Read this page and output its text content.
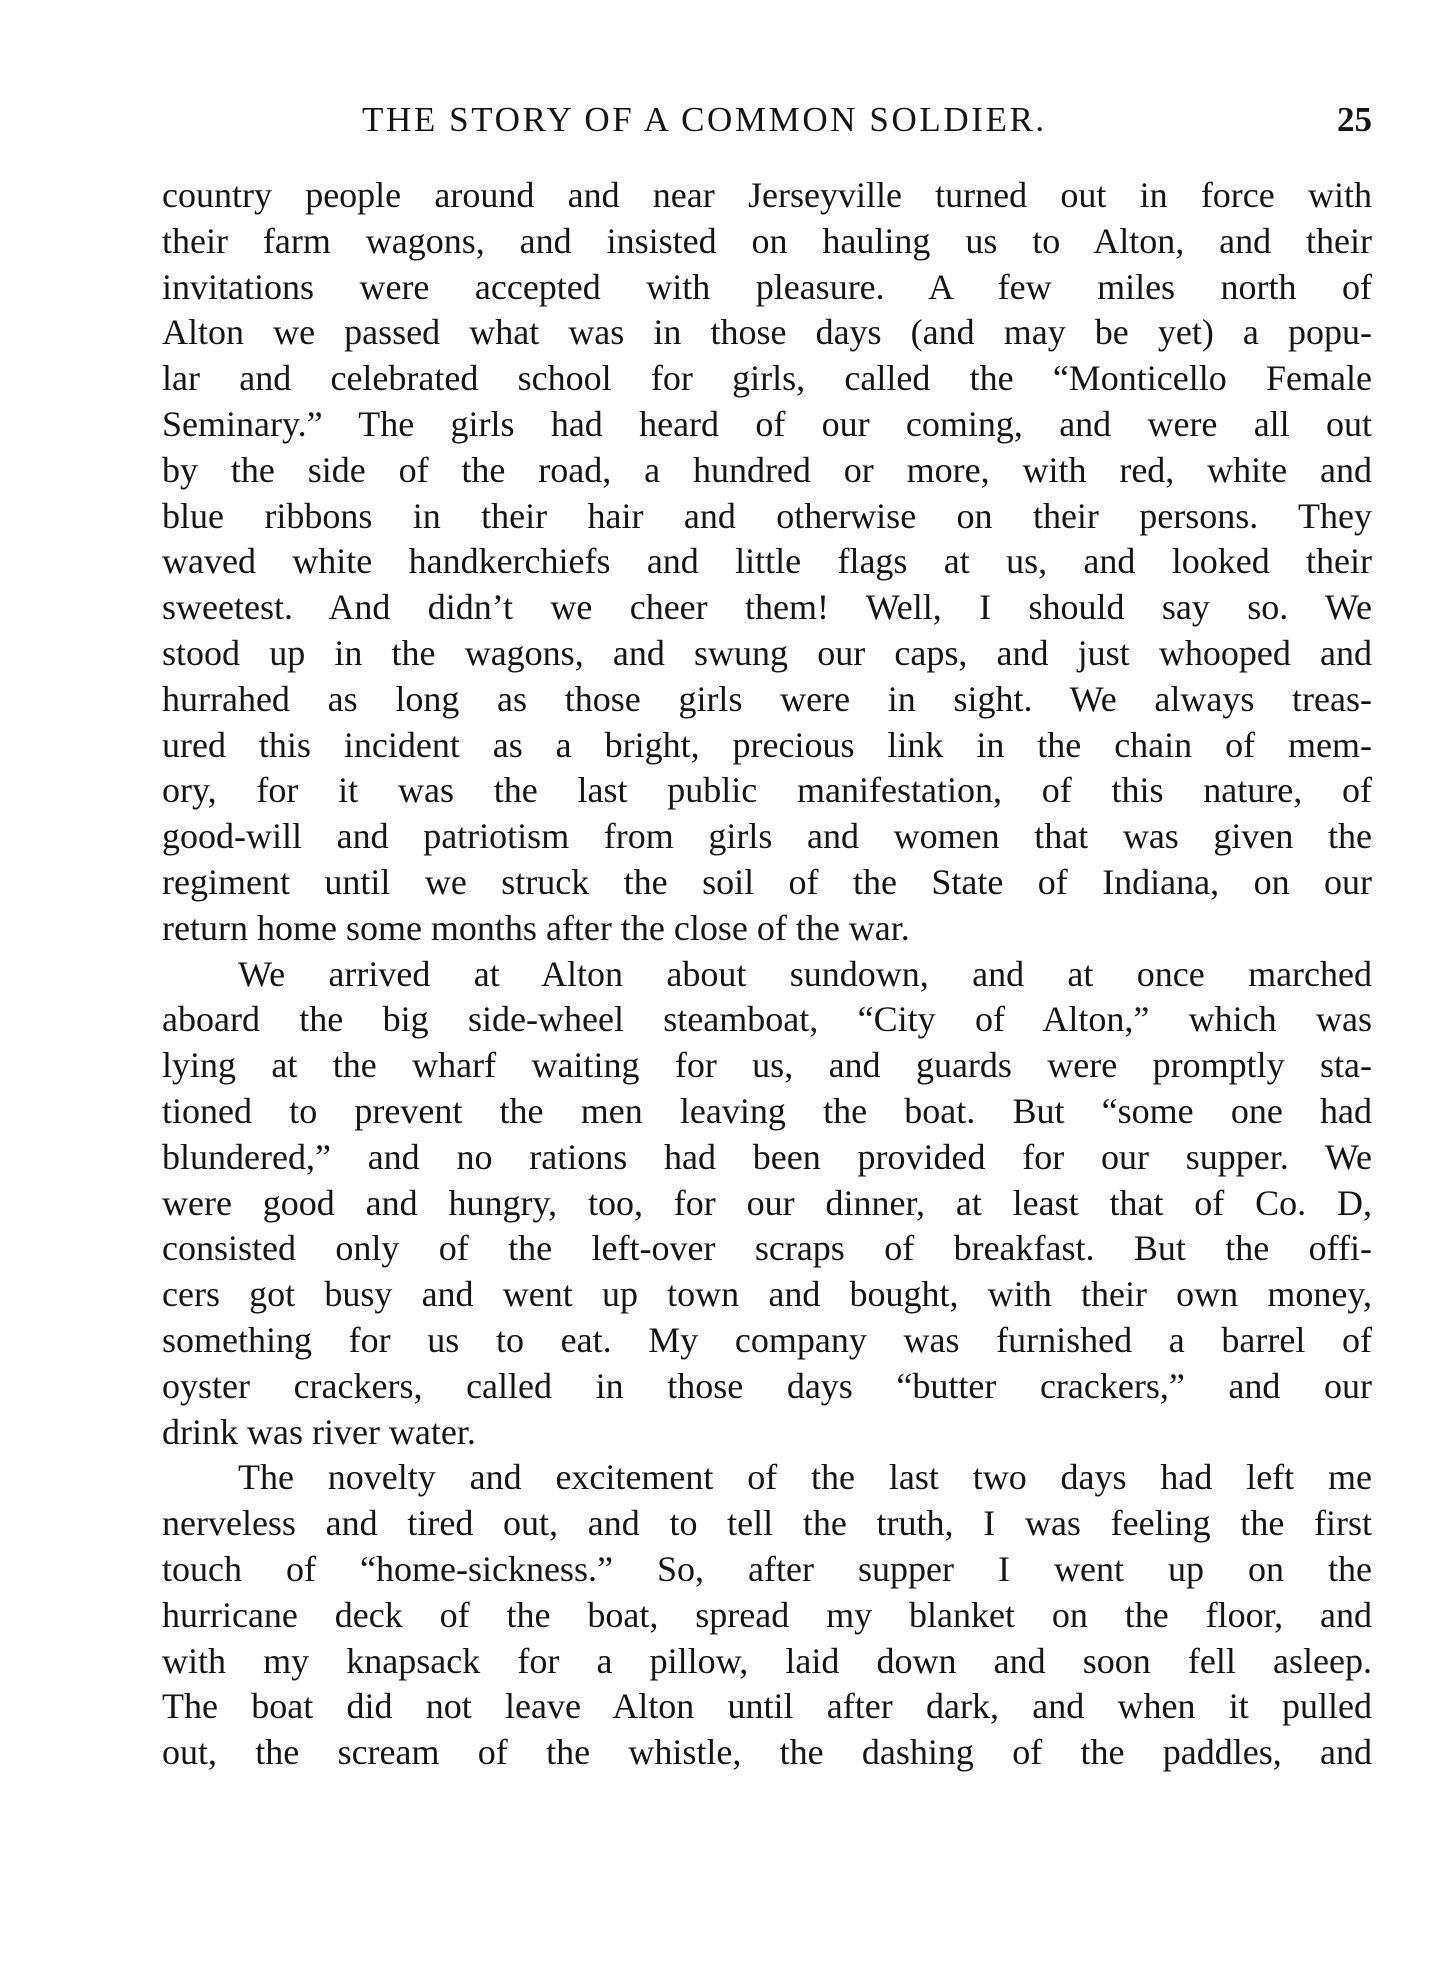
THE STORY OF A COMMON SOLDIER.	25
country people around and near Jerseyville turned out in force with
their farm wagons, and insisted on hauling us to Alton, and their
invitations were accepted with pleasure. A few miles north of
Alton we passed what was in those days (and may be yet) a popu-
lar and celebrated school for girls, called the “Monticello Female
Seminary.” The girls had heard of our coming, and were all out
by the side of the road, a hundred or more, with red, white and
blue ribbons in their hair and otherwise on their persons. They
waved white handkerchiefs and little flags at us, and looked their
sweetest. And didn’t we cheer them! Well, I should say so. We
stood up in the wagons, and swung our caps, and just whooped and
hurrahed as long as those girls were in sight. We always treas-
ured this incident as a bright, precious link in the chain of mem-
ory, for it was the last public manifestation, of this nature, of
good-will and patriotism from girls and women that was given the
regiment until we struck the soil of the State of Indiana, on our
return home some months after the close of the war.
We arrived at Alton about sundown, and at once marched
aboard the big side-wheel steamboat, “City of Alton,” which was
lying at the wharf waiting for us, and guards were promptly sta-
tioned to prevent the men leaving the boat. But “some one had
blundered,” and no rations had been provided for our supper. We
were good and hungry, too, for our dinner, at least that of Co. D,
consisted only of the left-over scraps of breakfast. But the offi-
cers got busy and went up town and bought, with their own money,
something for us to eat. My company was furnished a barrel of
oyster crackers, called in those days “butter crackers,” and our
drink was river water.
The novelty and excitement of the last two days had left me
nerveless and tired out, and to tell the truth, I was feeling the first
touch of “home-sickness.” So, after supper I went up on the
hurricane deck of the boat, spread my blanket on the floor, and
with my knapsack for a pillow, laid down and soon fell asleep.
The boat did not leave Alton until after dark, and when it pulled
out, the scream of the whistle, the dashing of the paddles, and
